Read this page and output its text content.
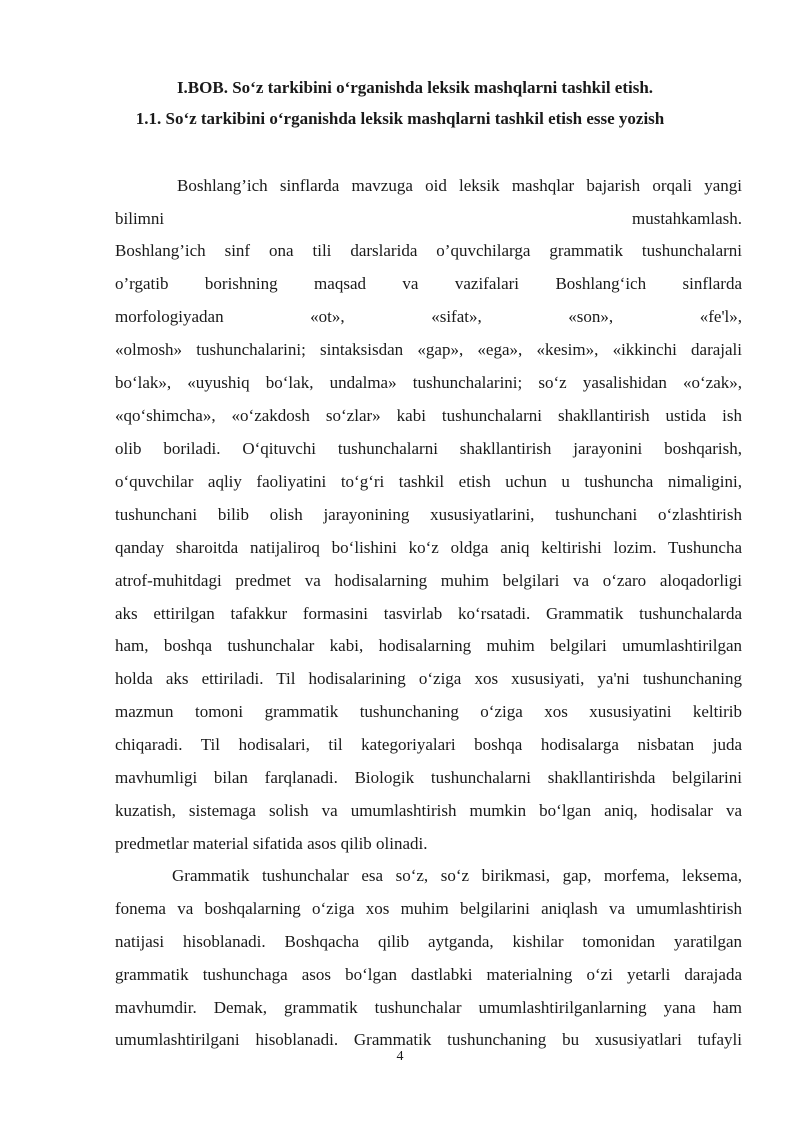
I.BOB. So‘z tarkibini o‘rganishda leksik mashqlarni tashkil etish.

1.1. So‘z tarkibini o‘rganishda leksik mashqlarni tashkil etish esse yozish

Boshlang’ich sinflarda mavzuga oid leksik mashqlar bajarish orqali yangi

bilimni mustahkamlash.

Boshlang’ich sinf ona tili darslarida o’quvchilarga grammatik tushunchalarni

o’rgatib borishning maqsad va vazifalari Boshlang‘ich sinflarda

morfologiyadan «ot», «sifat», «son», «fe'l»,

«olmosh» tushunchalarini; sintaksisdan «gap», «ega», «kesim», «ikkinchi darajali

bo‘lak», «uyushiq bo‘lak, undalma» tushunchalarini; so‘z yasalishidan «o‘zak»,

«qo‘shimcha», «o‘zakdosh so‘zlar» kabi tushunchalarni shakllantirish ustida ish

olib boriladi. O‘qituvchi tushunchalarni shakllantirish jarayonini boshqarish,

o‘quvchilar aqliy faoliyatini to‘g‘ri tashkil etish uchun u tushuncha nimaligini,

tushunchani bilib olish jarayonining xususiyatlarini, tushunchani o‘zlashtirish

qanday sharoitda natijaliroq bo‘lishini ko‘z oldga aniq keltirishi lozim. Tushuncha

atrof-muhitdagi predmet va hodisalarning muhim belgilari va o‘zaro aloqadorligi

aks ettirilgan tafakkur formasini tasvirlab ko‘rsatadi. Grammatik tushunchalarda

ham, boshqa tushunchalar kabi, hodisalarning muhim belgilari umumlashtirilgan

holda aks ettiriladi. Til hodisalarining o‘ziga xos xususiyati, ya'ni tushunchaning

mazmun tomoni grammatik tushunchaning o‘ziga xos xususiyatini keltirib

chiqaradi. Til hodisalari, til kategoriyalari boshqa hodisalarga nisbatan juda

mavhumligi bilan farqlanadi. Biologik tushunchalarni shakllantirishda belgilarini

kuzatish, sistemaga solish va umumlashtirish mumkin bo‘lgan aniq, hodisalar va

predmetlar material sifatida asos qilib olinadi.

Grammatik tushunchalar esa so‘z, so‘z birikmasi, gap, morfema, leksema,

fonema va boshqalarning o‘ziga xos muhim belgilarini aniqlash va umumlashtirish

natijasi hisoblanadi. Boshqacha qilib aytganda, kishilar tomonidan yaratilgan

grammatik tushunchaga asos bo‘lgan dastlabki materialning o‘zi yetarli darajada

mavhumdir. Demak, grammatik tushunchalar umumlashtirilganlarning yana ham

umumlashtirilgani hisoblanadi. Grammatik tushunchaning bu xususiyatlari tufayli

4
